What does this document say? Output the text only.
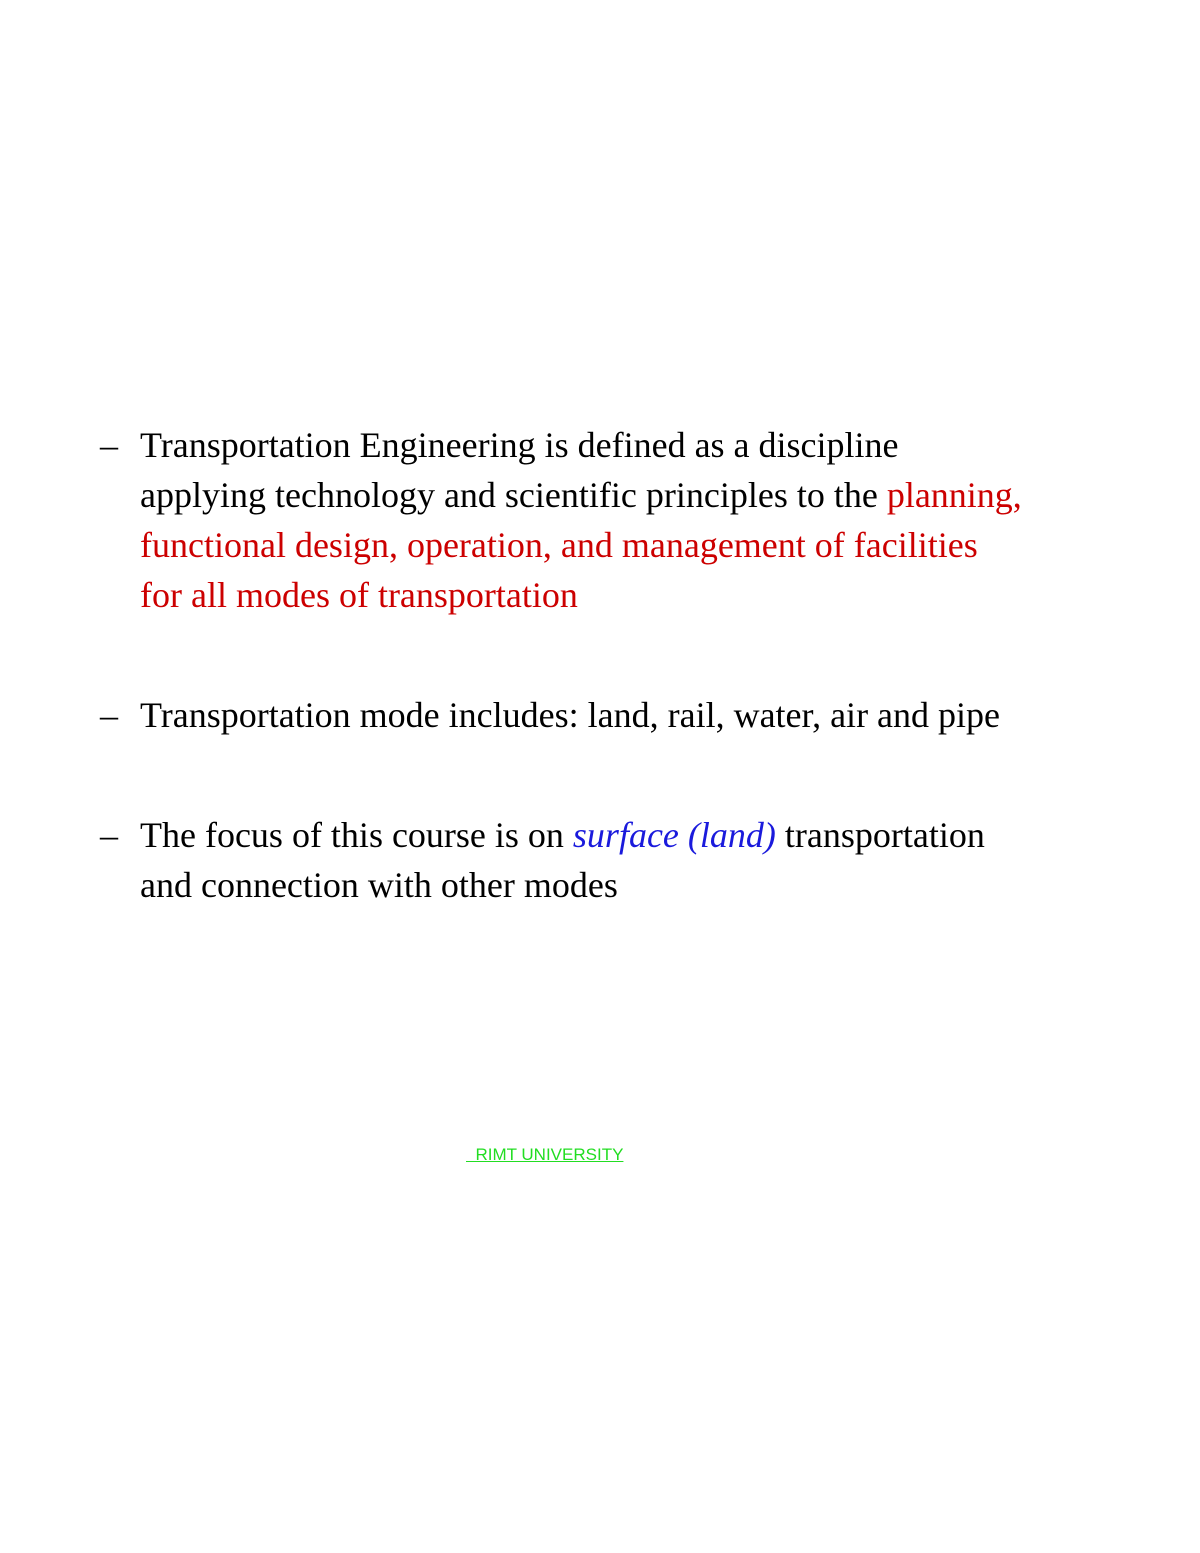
– Transportation Engineering is defined as a discipline
applying technology and scientific principles to the planning,
functional design, operation, and management of facilities
for all modes of transportation
– Transportation mode includes: land, rail, water, air and pipe
– The focus of this course is on surface (land) transportation
and connection with other modes
RIMT UNIVERSITY
